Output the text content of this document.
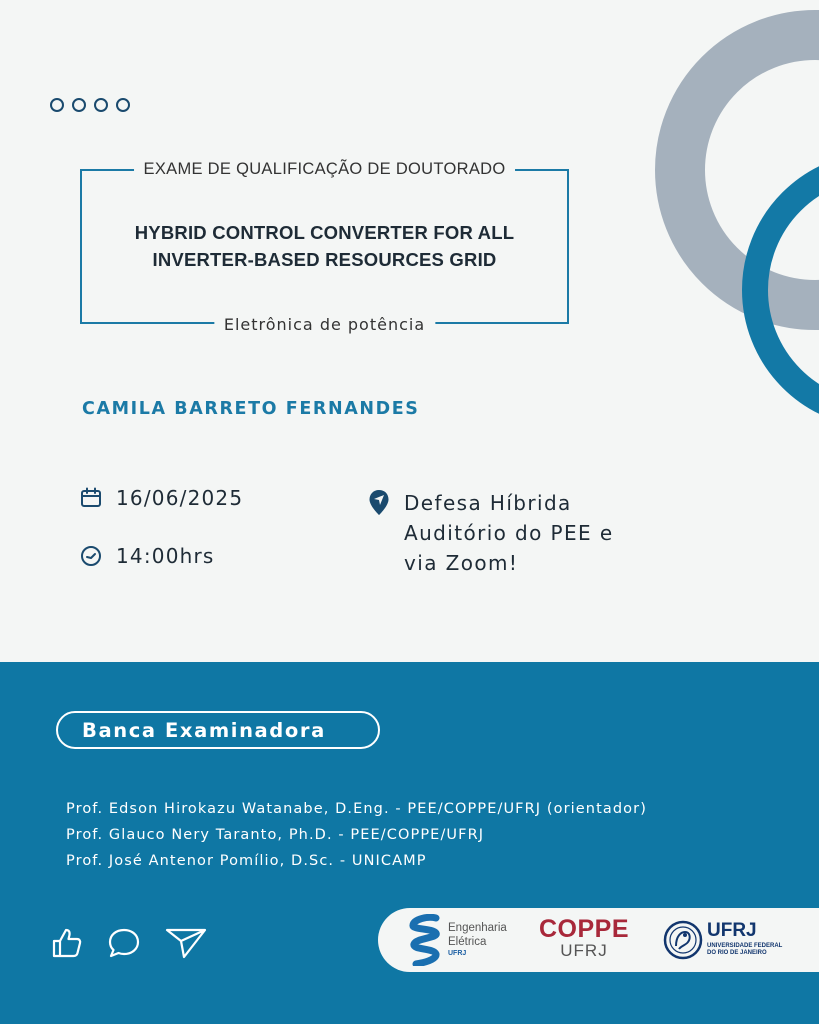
EXAME DE QUALIFICAÇÃO DE DOUTORADO
HYBRID CONTROL CONVERTER FOR ALL
INVERTER-BASED RESOURCES GRID
Eletrônica de potência
CAMILA BARRETO FERNANDES
16/06/2025
14:00hrs
Defesa Híbrida
Auditório do PEE e
via Zoom!
Banca Examinadora
Prof. Edson Hirokazu Watanabe, D.Eng. - PEE/COPPE/UFRJ (orientador)
Prof. Glauco Nery Taranto, Ph.D. - PEE/COPPE/UFRJ
Prof. José Antenor Pomílio, D.Sc. - UNICAMP
Engenharia
Elétrica
UFRJ
COPPE
UFRJ
UFRJ
UNIVERSIDADE FEDERAL
DO RIO DE JANEIRO
